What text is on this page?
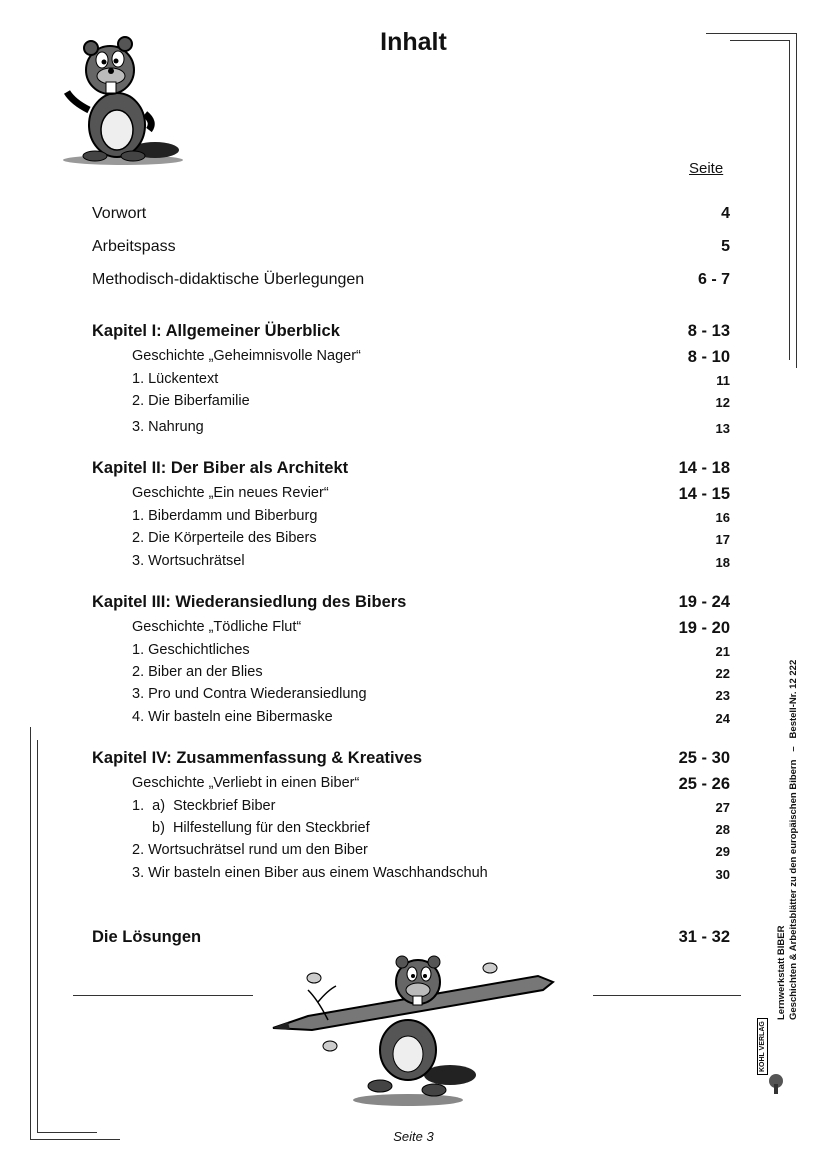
Inhalt
Seite
Vorwort	4
Arbeitspass	5
Methodisch-didaktische Überlegungen	6 - 7
Kapitel I: Allgemeiner Überblick	8 - 13
Geschichte „Geheimnisvolle Nager“	8 - 10
1. Lückentext	11
2. Die Biberfamilie	12
3. Nahrung	13
Kapitel II: Der Biber als Architekt	14 - 18
Geschichte „Ein neues Revier“	14 - 15
1. Biberdamm und Biberburg	16
2. Die Körperteile des Bibers	17
3. Wortsuchrätsel	18
Kapitel III: Wiederansiedlung des Bibers	19 - 24
Geschichte „Tödliche Flut“	19 - 20
1. Geschichtliches	21
2. Biber an der Blies	22
3. Pro und Contra Wiederansiedlung	23
4. Wir basteln eine Bibermaske	24
Kapitel IV: Zusammenfassung & Kreatives	25 - 30
Geschichte „Verliebt in einen Biber“	25 - 26
1.  a)  Steckbrief Biber	27
b)  Hilfestellung für den Steckbrief	28
2. Wortsuchrätsel rund um den Biber	29
3. Wir basteln einen Biber aus einem Waschhandschuh	30
Die Lösungen	31 - 32
Seite 3
Lernwerkstatt BIBER Geschichten & Arbeitsblätter zu den europäischen Bibern   –   Bestell-Nr. 12 222
KOHL VERLAG
